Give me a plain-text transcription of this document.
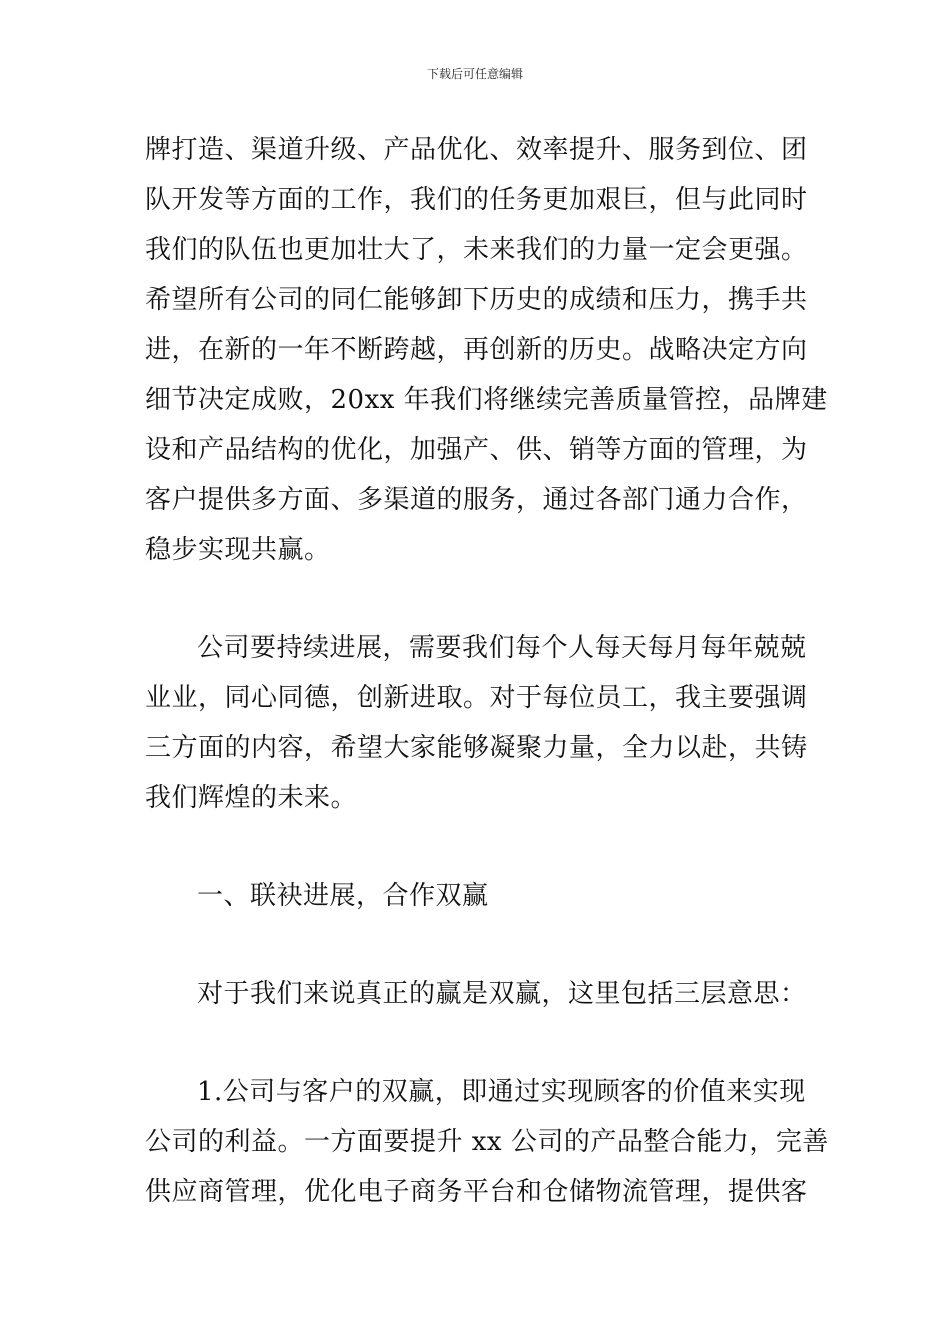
下载后可任意编辑
牌打造、渠道升级、产品优化、效率提升、服务到位、团
队开发等方面的工作，我们的任务更加艰巨，但与此同时
我们的队伍也更加壮大了，未来我们的力量一定会更强。
希望所有公司的同仁能够卸下历史的成绩和压力，携手共
进，在新的一年不断跨越，再创新的历史。战略决定方向
细节决定成败，20xx 年我们将继续完善质量管控，品牌建
设和产品结构的优化，加强产、供、销等方面的管理，为
客户提供多方面、多渠道的服务，通过各部门通力合作，
稳步实现共赢。
公司要持续进展，需要我们每个人每天每月每年兢兢
业业，同心同德，创新进取。对于每位员工，我主要强调
三方面的内容，希望大家能够凝聚力量，全力以赴，共铸
我们辉煌的未来。
一、联袂进展，合作双赢
对于我们来说真正的赢是双赢，这里包括三层意思：
1.公司与客户的双赢，即通过实现顾客的价值来实现
公司的利益。一方面要提升 xx 公司的产品整合能力，完善
供应商管理，优化电子商务平台和仓储物流管理，提供客
